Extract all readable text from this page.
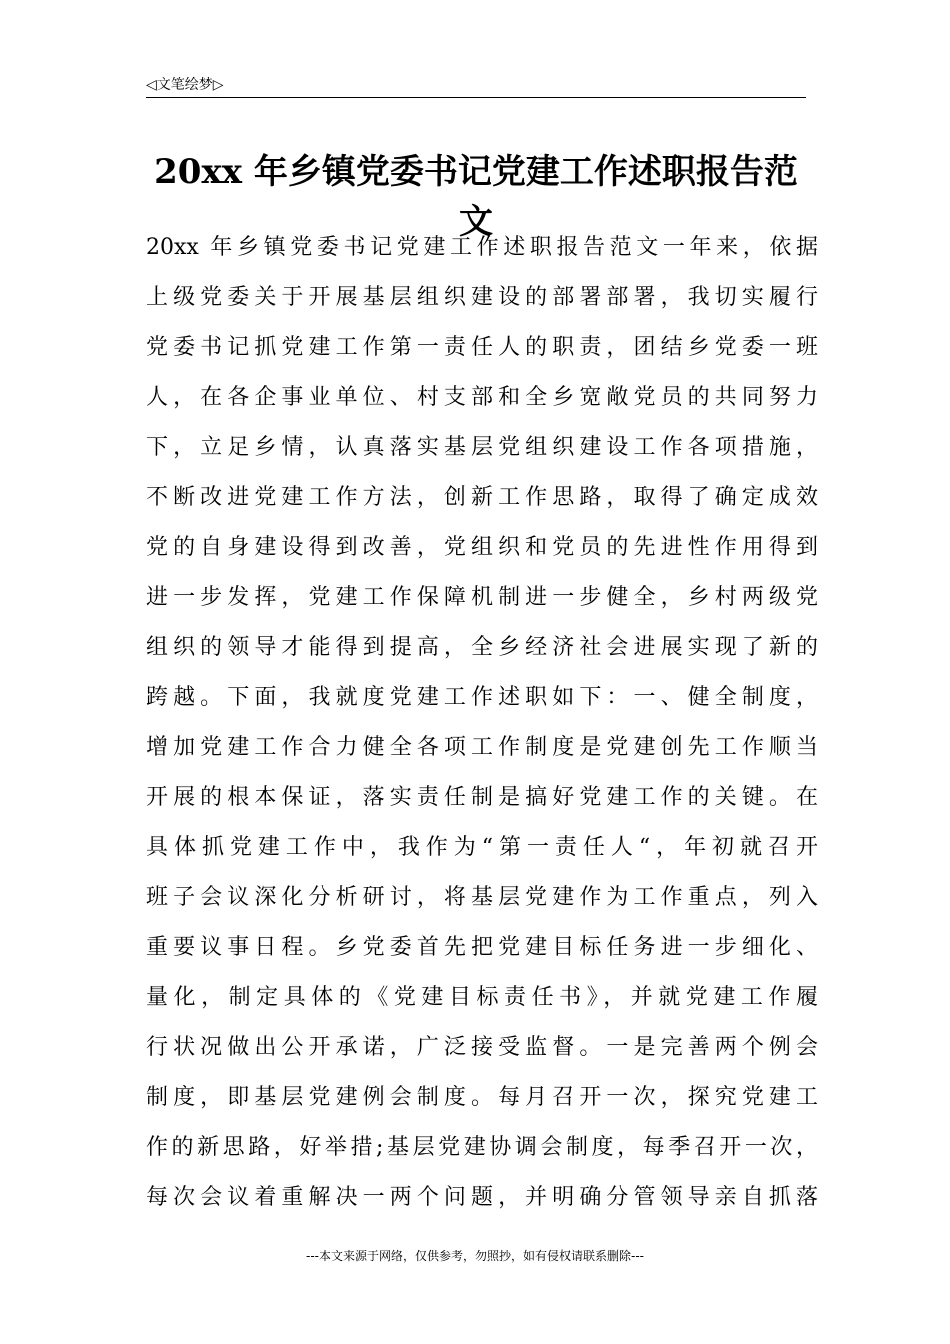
◁文笔绘梦▷
20xx 年乡镇党委书记党建工作述职报告范文
20xx 年乡镇党委书记党建工作述职报告范文一年来，依据
上级党委关于开展基层组织建设的部署部署，我切实履行
党委书记抓党建工作第一责任人的职责，团结乡党委一班
人，在各企事业单位、村支部和全乡宽敞党员的共同努力
下，立足乡情，认真落实基层党组织建设工作各项措施，
不断改进党建工作方法，创新工作思路，取得了确定成效
党的自身建设得到改善，党组织和党员的先进性作用得到
进一步发挥，党建工作保障机制进一步健全，乡村两级党
组织的领导才能得到提高，全乡经济社会进展实现了新的
跨越。下面，我就度党建工作述职如下：一、健全制度，
增加党建工作合力健全各项工作制度是党建创先工作顺当
开展的根本保证，落实责任制是搞好党建工作的关键。在
具体抓党建工作中，我作为“第一责任人“，年初就召开
班子会议深化分析研讨，将基层党建作为工作重点，列入
重要议事日程。乡党委首先把党建目标任务进一步细化、
量化，制定具体的《党建目标责任书》，并就党建工作履
行状况做出公开承诺，广泛接受监督。一是完善两个例会
制度，即基层党建例会制度。每月召开一次，探究党建工
作的新思路，好举措;基层党建协调会制度，每季召开一次，
每次会议着重解决一两个问题，并明确分管领导亲自抓落
---本文来源于网络，仅供参考，勿照抄，如有侵权请联系删除---
